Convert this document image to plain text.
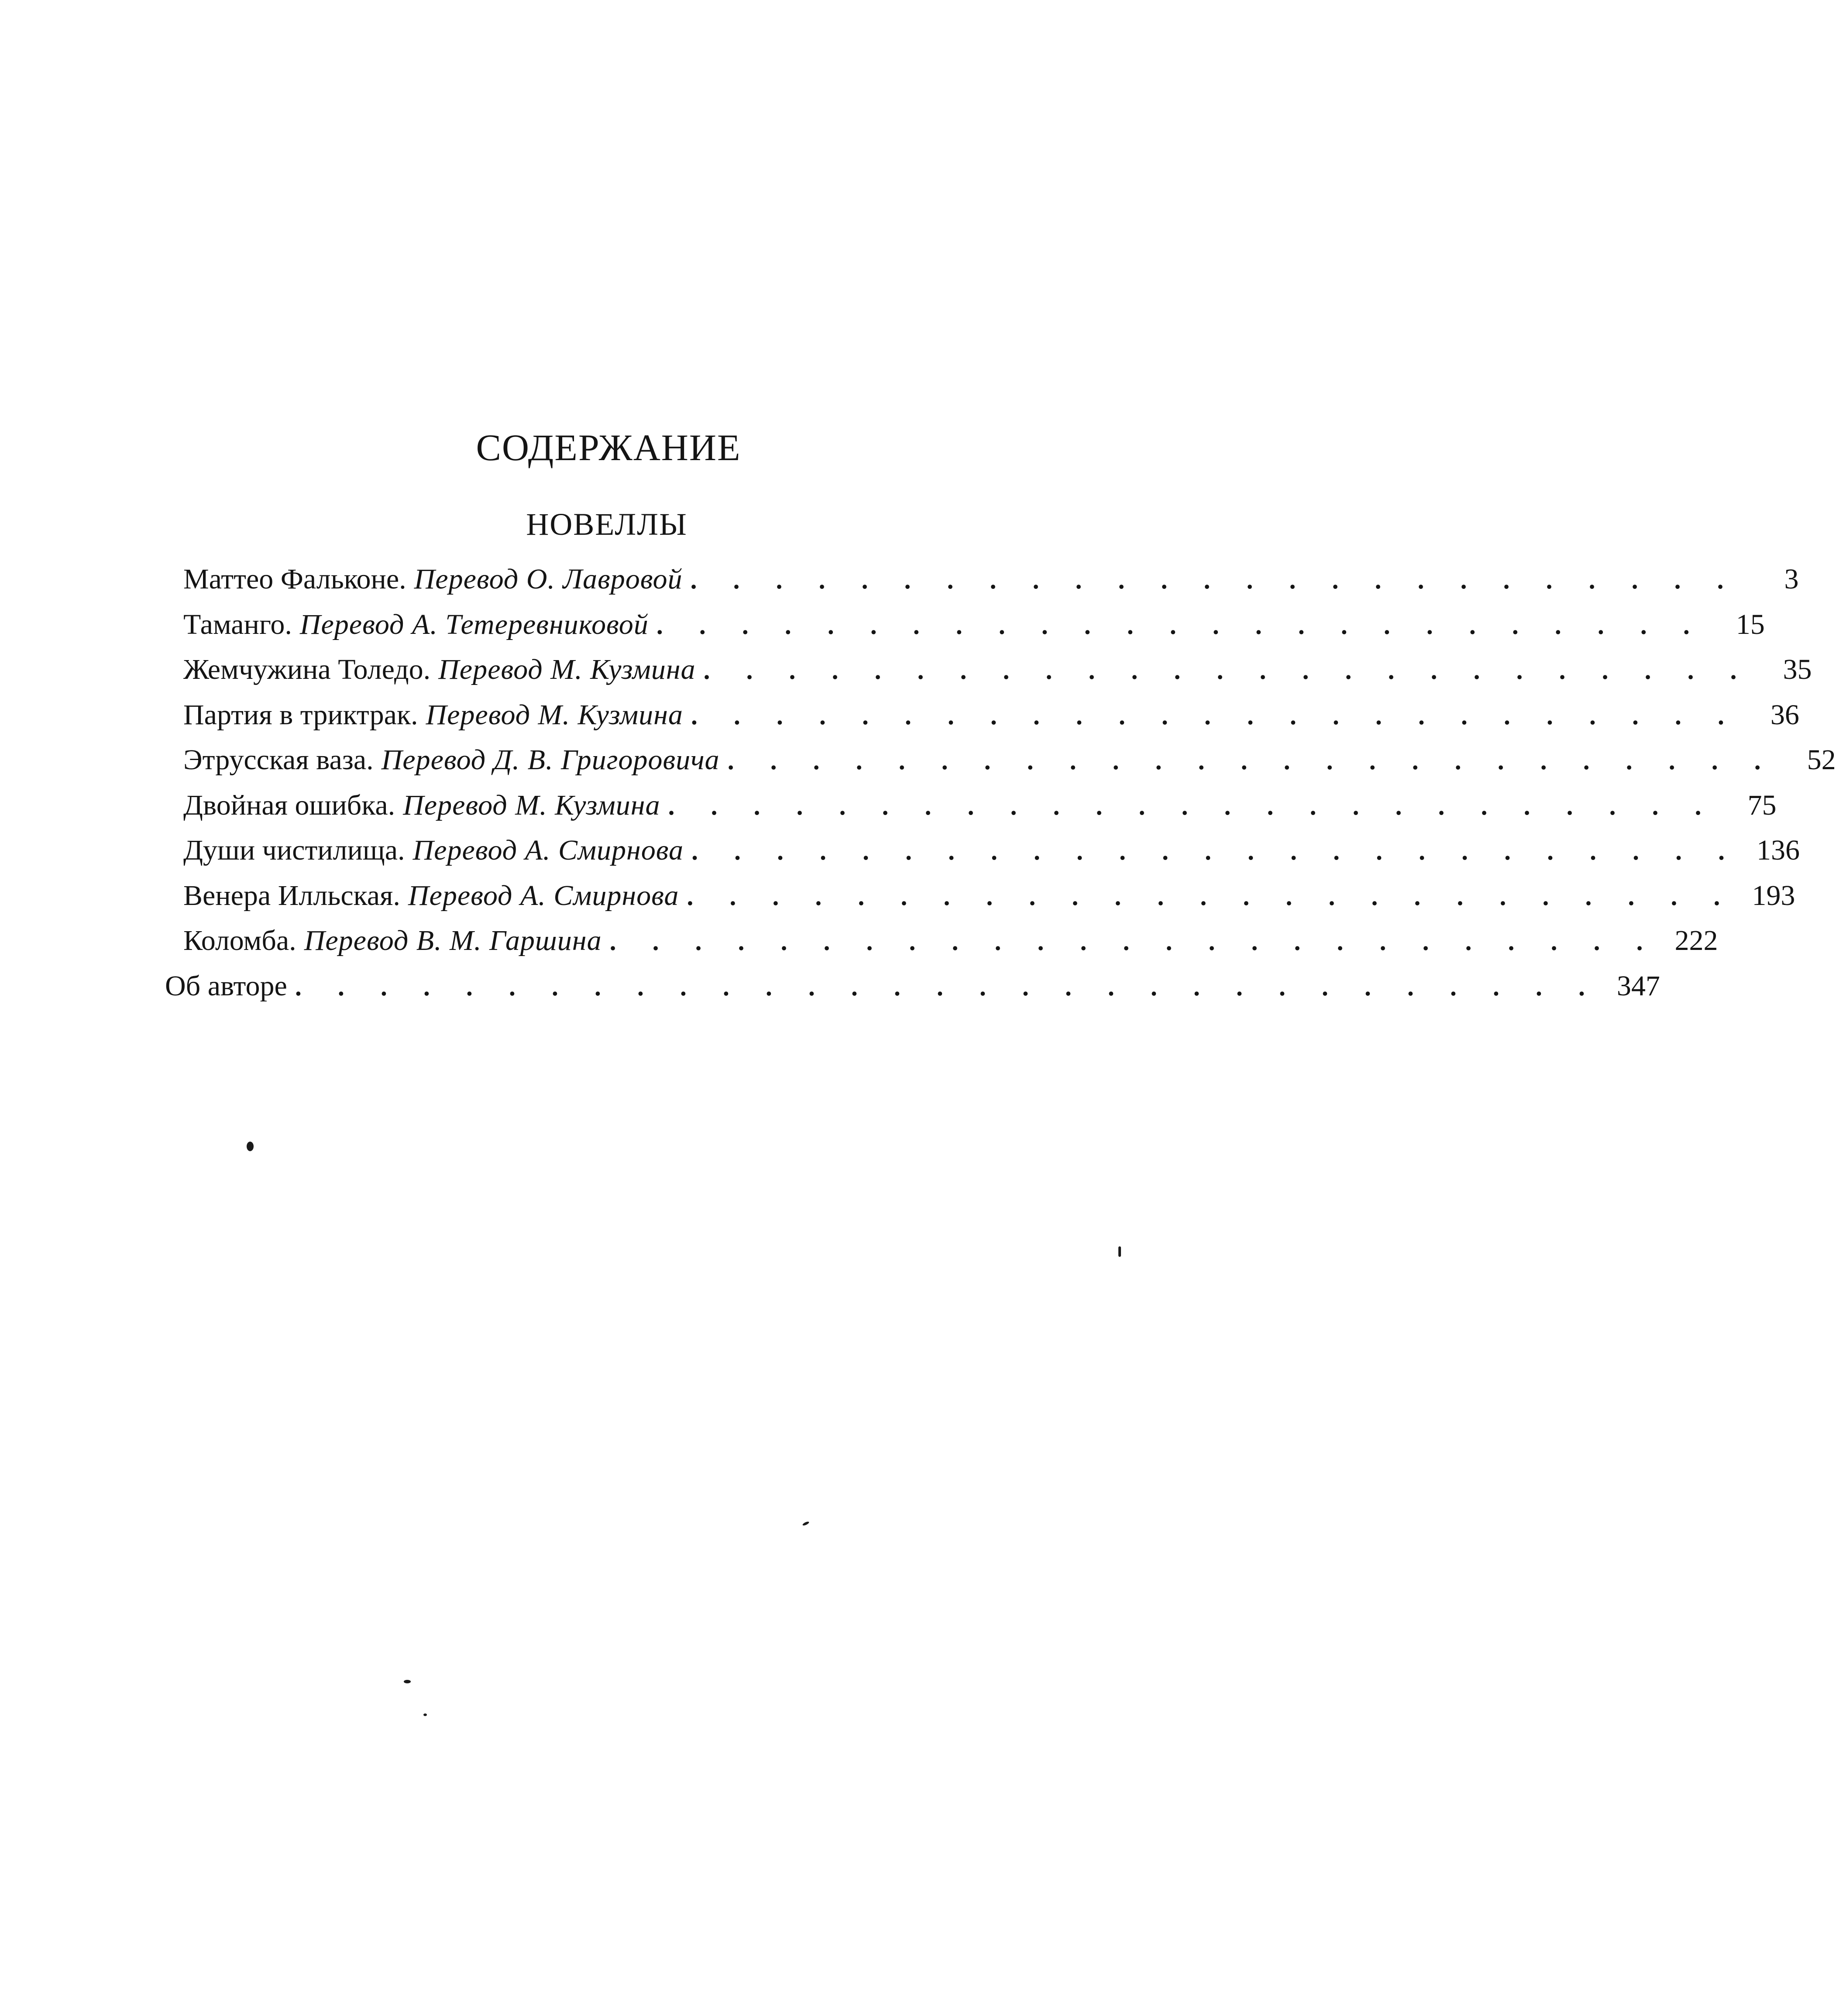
СОДЕРЖАНИЕ
НОВЕЛЛЫ
Маттео Фальконе. Перевод О. Лавровой . . . . . . . . . . . . . . . . . . . . . . . . .	3
Таманго. Перевод А. Тетеревниковой . . . . . . . . . . . . . . . . . . . . . . . . .	15
Жемчужина Толедо. Перевод М. Кузмина . . . . . . . . . . . . . . . . . . . . . . . . .	35
Партия в триктрак. Перевод М. Кузмина . . . . . . . . . . . . . . . . . . . . . . . . .	36
Этрусская ваза. Перевод Д. В. Григоровича . . . . . . . . . . . . . . . . . . . . . . . . .	52
Двойная ошибка. Перевод М. Кузмина . . . . . . . . . . . . . . . . . . . . . . . . .	75
Души чистилища. Перевод А. Смирнова . . . . . . . . . . . . . . . . . . . . . . . . . 136
Венера Илльская. Перевод А. Смирнова . . . . . . . . . . . . . . . . . . . . . . . . . 193
Коломба. Перевод В. М. Гаршина . . . . . . . . . . . . . . . . . . . . . . . . . 222
Об авторе . . . . . . . . . . . . . . . . . . . . . . . . . . . . . . . 347
